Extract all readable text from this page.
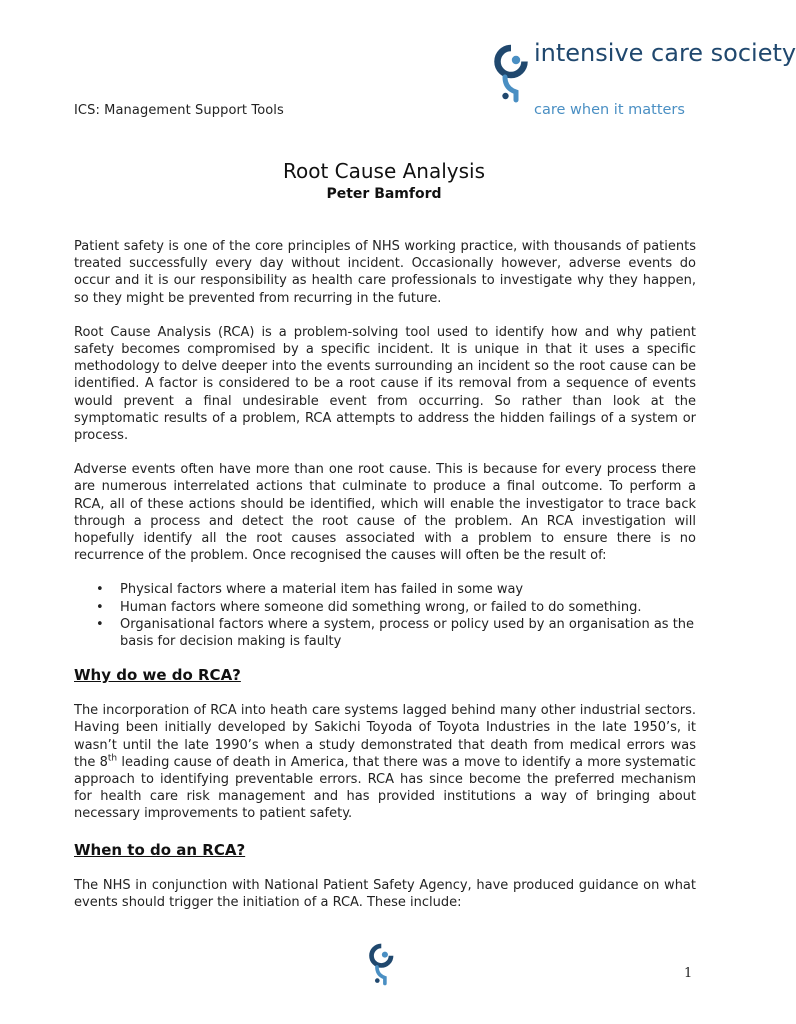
ICS: Management Support Tools
intensive care society
care when it matters
Root Cause Analysis
Peter Bamford

Patient safety is one of the core principles of NHS working practice, with thousands of patients treated successfully every day without incident. Occasionally however, adverse events do occur and it is our responsibility as health care professionals to investigate why they happen, so they might be prevented from recurring in the future.

Root Cause Analysis (RCA) is a problem-solving tool used to identify how and why patient safety becomes compromised by a specific incident. It is unique in that it uses a specific methodology to delve deeper into the events surrounding an incident so the root cause can be identified. A factor is considered to be a root cause if its removal from a sequence of events would prevent a final undesirable event from occurring. So rather than look at the symptomatic results of a problem, RCA attempts to address the hidden failings of a system or process.

Adverse events often have more than one root cause. This is because for every process there are numerous interrelated actions that culminate to produce a final outcome. To perform a RCA, all of these actions should be identified, which will enable the investigator to trace back through a process and detect the root cause of the problem. An RCA investigation will hopefully identify all the root causes associated with a problem to ensure there is no recurrence of the problem. Once recognised the causes will often be the result of:

• Physical factors where a material item has failed in some way
• Human factors where someone did something wrong, or failed to do something.
• Organisational factors where a system, process or policy used by an organisation as the basis for decision making is faulty
Why do we do RCA?

The incorporation of RCA into heath care systems lagged behind many other industrial sectors. Having been initially developed by Sakichi Toyoda of Toyota Industries in the late 1950’s, it wasn’t until the late 1990’s when a study demonstrated that death from medical errors was the 8th leading cause of death in America, that there was a move to identify a more systematic approach to identifying preventable errors. RCA has since become the preferred mechanism for health care risk management and has provided institutions a way of bringing about necessary improvements to patient safety.

When to do an RCA?

The NHS in conjunction with National Patient Safety Agency, have produced guidance on what events should trigger the initiation of a RCA. These include:

1
